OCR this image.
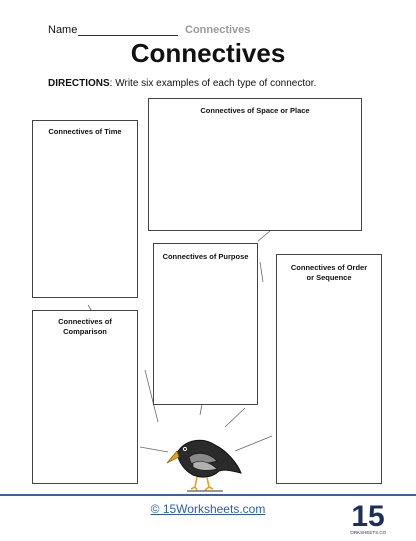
Name	Connectives
Connectives
DIRECTIONS: Write six examples of each type of connector.
Connectives of Time
Connectives of Space or Place
Connectives of Purpose
Connectives of Order or Sequence
Connectives of Comparison
© 15Worksheets.com	15
ORKSHEETS.CO
